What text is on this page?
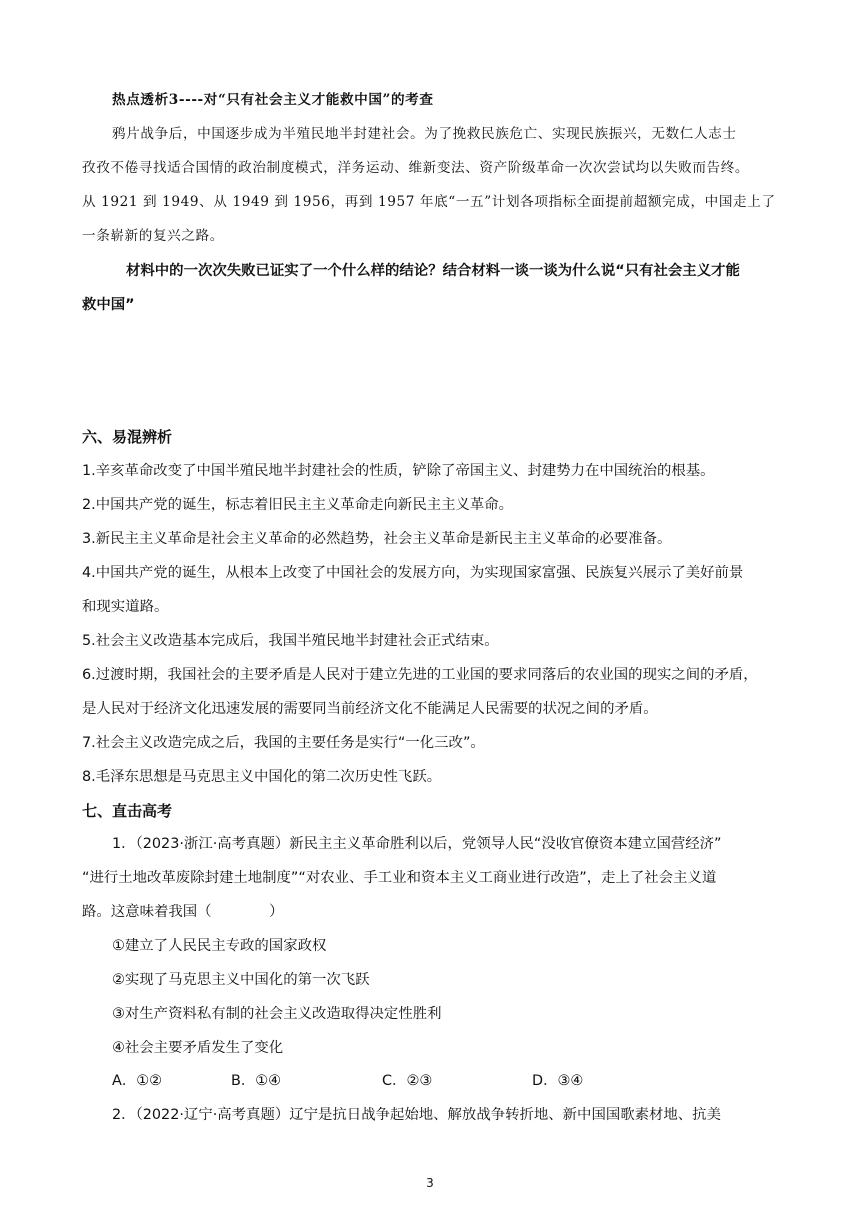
热点透析3----对“只有社会主义才能救中国”的考查
鸦片战争后，中国逐步成为半殖民地半封建社会。为了挽救民族危亡、实现民族振兴，无数仁人志士
孜孜不倦寻找适合国情的政治制度模式，洋务运动、维新变法、资产阶级革命一次次尝试均以失败而告终。
从 1921 到 1949、从 1949 到 1956，再到 1957 年底“一五”计划各项指标全面提前超额完成，中国走上了
一条崭新的复兴之路。
材料中的一次次失败已证实了一个什么样的结论？结合材料一谈一谈为什么说“只有社会主义才能
救中国”
六、易混辨析
1.辛亥革命改变了中国半殖民地半封建社会的性质，铲除了帝国主义、封建势力在中国统治的根基。
2.中国共产党的诞生，标志着旧民主主义革命走向新民主主义革命。
3.新民主主义革命是社会主义革命的必然趋势，社会主义革命是新民主主义革命的必要准备。
4.中国共产党的诞生，从根本上改变了中国社会的发展方向，为实现国家富强、民族复兴展示了美好前景
和现实道路。
5.社会主义改造基本完成后，我国半殖民地半封建社会正式结束。
6.过渡时期，我国社会的主要矛盾是人民对于建立先进的工业国的要求同落后的农业国的现实之间的矛盾，
是人民对于经济文化迅速发展的需要同当前经济文化不能满足人民需要的状况之间的矛盾。
7.社会主义改造完成之后，我国的主要任务是实行“一化三改”。
8.毛泽东思想是马克思主义中国化的第二次历史性飞跃。
七、直击高考
1．（2023·浙江·高考真题）新民主主义革命胜利以后，党领导人民“没收官僚资本建立国营经济”
“进行土地改革废除封建土地制度”“对农业、手工业和资本主义工商业进行改造”，走上了社会主义道
路。这意味着我国（　　　　）
①建立了人民民主专政的国家政权
②实现了马克思主义中国化的第一次飞跃
③对生产资料私有制的社会主义改造取得决定性胜利
④社会主要矛盾发生了变化
A．①②	B．①④	C．②③	D．③④
2．（2022·辽宁·高考真题）辽宁是抗日战争起始地、解放战争转折地、新中国国歌素材地、抗美
3
